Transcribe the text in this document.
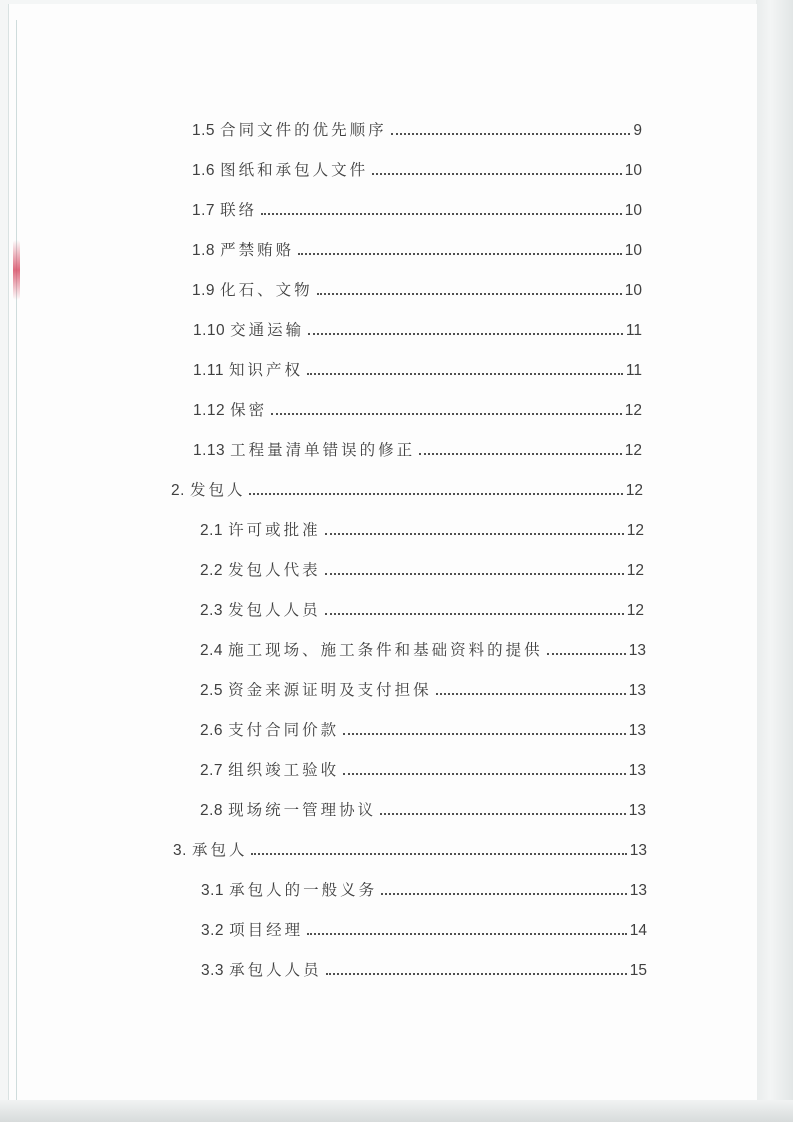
1.5 合同文件的优先顺序	9
1.6 图纸和承包人文件	10
1.7 联络	10
1.8 严禁贿赂	10
1.9 化石、文物	10
1.10 交通运输	11
1.11 知识产权	11
1.12 保密	12
1.13 工程量清单错误的修正	12
2. 发包人	12
2.1 许可或批准	12
2.2 发包人代表	12
2.3 发包人人员	12
2.4 施工现场、施工条件和基础资料的提供	13
2.5 资金来源证明及支付担保	13
2.6 支付合同价款	13
2.7 组织竣工验收	13
2.8 现场统一管理协议	13
3. 承包人	13
3.1 承包人的一般义务	13
3.2 项目经理	14
3.3 承包人人员	15
